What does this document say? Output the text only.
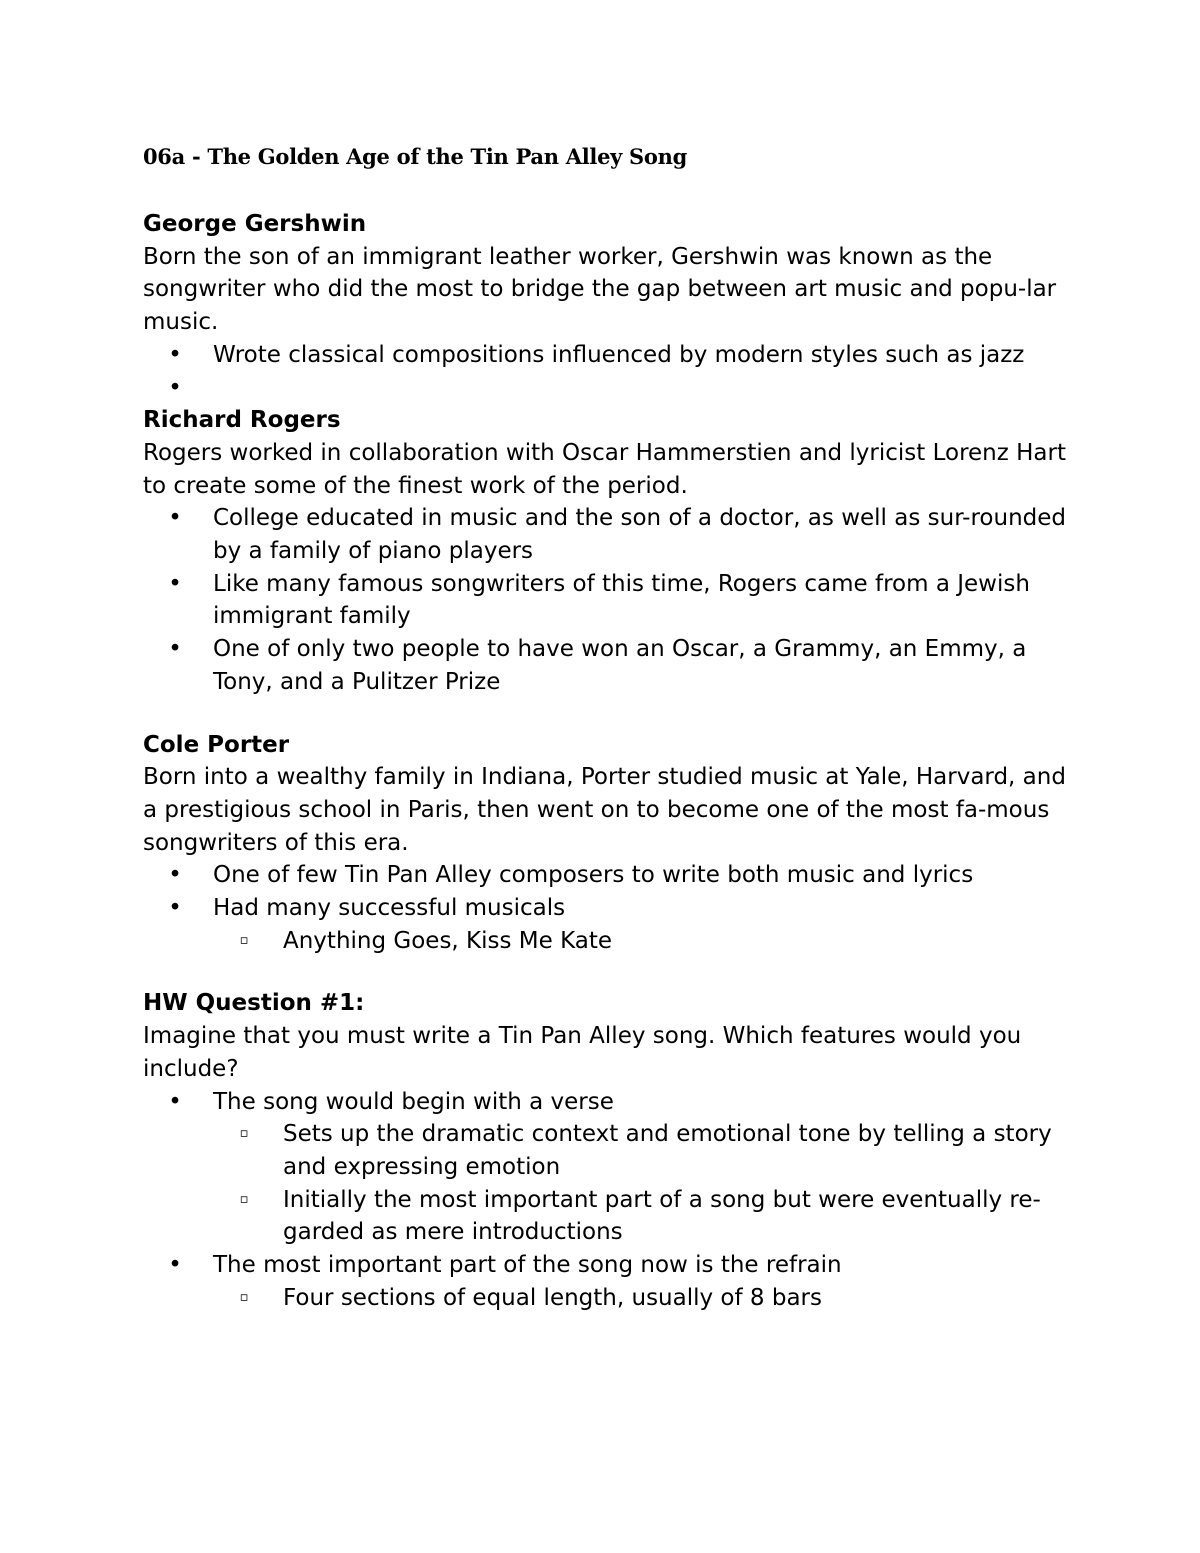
06a - The Golden Age of the Tin Pan Alley Song
George Gershwin

Born the son of an immigrant leather worker, Gershwin was known as the songwriter who did the most to bridge the gap between art music and popu-lar music.

• Wrote classical compositions influenced by modern styles such as jazz
•
Richard Rogers

Rogers worked in collaboration with Oscar Hammerstien and lyricist Lorenz Hart to create some of the finest work of the period.

• College educated in music and the son of a doctor, as well as sur-rounded by a family of piano players
• Like many famous songwriters of this time, Rogers came from a Jewish immigrant family
• One of only two people to have won an Oscar, a Grammy, an Emmy, a Tony, and a Pulitzer Prize
Cole Porter

Born into a wealthy family in Indiana, Porter studied music at Yale, Harvard, and a prestigious school in Paris, then went on to become one of the most fa-mous songwriters of this era.

• One of few Tin Pan Alley composers to write both music and lyrics
• Had many successful musicals
▫ Anything Goes, Kiss Me Kate
HW Question #1:

Imagine that you must write a Tin Pan Alley song. Which features would you include?

• The song would begin with a verse
▫ Sets up the dramatic context and emotional tone by telling a story and expressing emotion
▫ Initially the most important part of a song but were eventually re-garded as mere introductions
• The most important part of the song now is the refrain
▫ Four sections of equal length, usually of 8 bars
